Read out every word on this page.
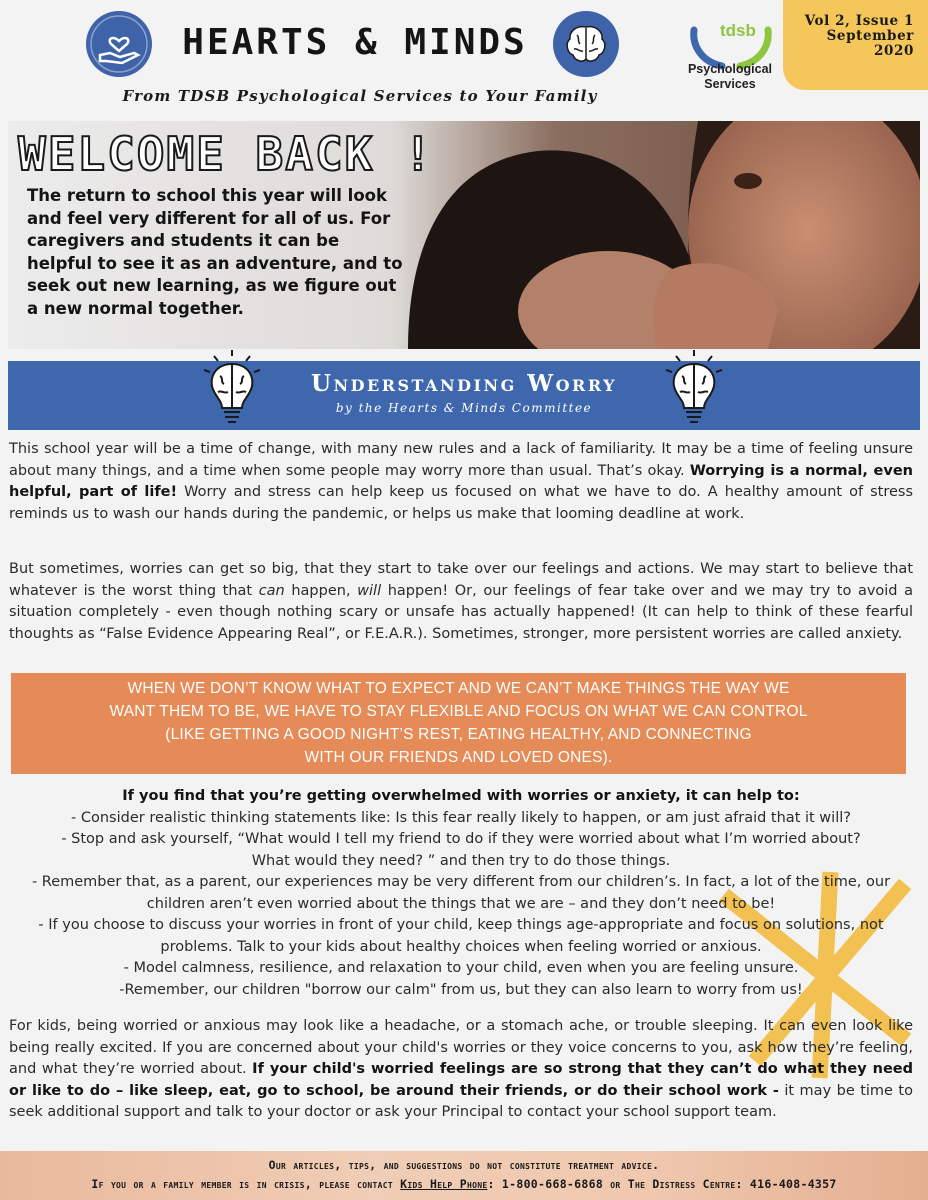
HEARTS & MINDS
From TDSB Psychological Services to Your Family
tdsb
Psychological
Services
Vol 2, Issue 1
September
2020
WELCOME BACK !
The return to school this year will look and feel very different for all of us. For caregivers and students it can be helpful to see it as an adventure, and to seek out new learning, as we figure out a new normal together.
Understanding Worry
by the Hearts & Minds Committee
This school year will be a time of change, with many new rules and a lack of familiarity. It may be a time of feeling unsure about many things, and a time when some people may worry more than usual. That’s okay. Worrying is a normal, even helpful, part of life! Worry and stress can help keep us focused on what we have to do. A healthy amount of stress reminds us to wash our hands during the pandemic, or helps us make that looming deadline at work.
But sometimes, worries can get so big, that they start to take over our feelings and actions. We may start to believe that whatever is the worst thing that can happen, will happen! Or, our feelings of fear take over and we may try to avoid a situation completely - even though nothing scary or unsafe has actually happened! (It can help to think of these fearful thoughts as “False Evidence Appearing Real”, or F.E.A.R.). Sometimes, stronger, more persistent worries are called anxiety.
WHEN WE DON’T KNOW WHAT TO EXPECT AND WE CAN’T MAKE THINGS THE WAY WE
WANT THEM TO BE, WE HAVE TO STAY FLEXIBLE AND FOCUS ON WHAT WE CAN CONTROL
(LIKE GETTING A GOOD NIGHT’S REST, EATING HEALTHY, AND CONNECTING
WITH OUR FRIENDS AND LOVED ONES).
If you find that you’re getting overwhelmed with worries or anxiety, it can help to:
- Consider realistic thinking statements like: Is this fear really likely to happen, or am just afraid that it will?
- Stop and ask yourself, “What would I tell my friend to do if they were worried about what I’m worried about?
What would they need? ” and then try to do those things.
- Remember that, as a parent, our experiences may be very different from our children’s. In fact, a lot of the time, our
children aren’t even worried about the things that we are – and they don’t need to be!
- If you choose to discuss your worries in front of your child, keep things age-appropriate and focus on solutions, not
problems. Talk to your kids about healthy choices when feeling worried or anxious.
- Model calmness, resilience, and relaxation to your child, even when you are feeling unsure.
-Remember, our children "borrow our calm" from us, but they can also learn to worry from us!
For kids, being worried or anxious may look like a headache, or a stomach ache, or trouble sleeping. It can even look like being really excited. If you are concerned about your child's worries or they voice concerns to you, ask how they’re feeling, and what they’re worried about. If your child's worried feelings are so strong that they can’t do what they need or like to do – like sleep, eat, go to school, be around their friends, or do their school work - it may be time to seek additional support and talk to your doctor or ask your Principal to contact your school support team.
Our articles, tips, and suggestions do not constitute treatment advice.
If you or a family member is in crisis, please contact Kids Help Phone: 1-800-668-6868 or The Distress Centre: 416-408-4357
